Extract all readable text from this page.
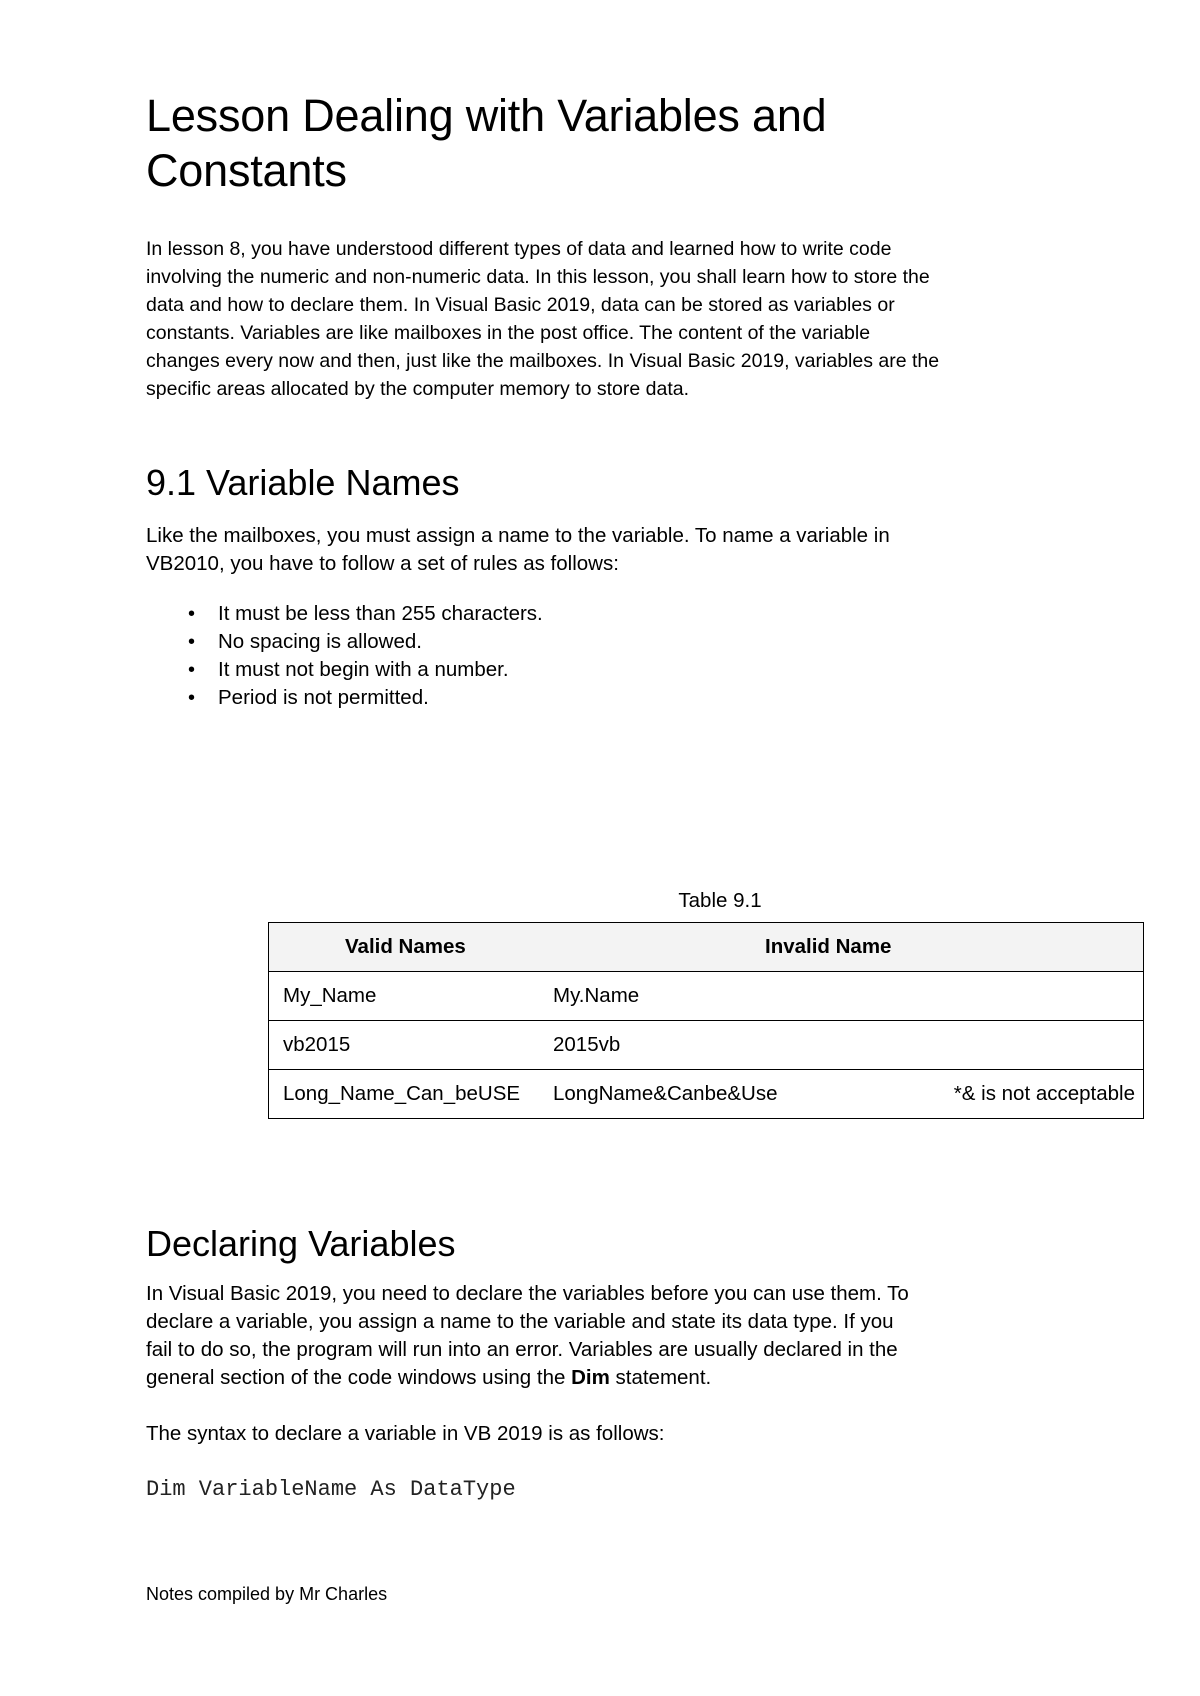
Lesson Dealing with Variables and
Constants

In lesson 8, you have understood different types of data and learned how to write code
involving the numeric and non-numeric data. In this lesson, you shall learn how to store the
data and how to declare them. In Visual Basic 2019, data can be stored as variables or
constants. Variables are like mailboxes in the post office. The content of the variable
changes every now and then, just like the mailboxes. In Visual Basic 2019, variables are the
specific areas allocated by the computer memory to store data.

9.1 Variable Names

Like the mailboxes, you must assign a name to the variable. To name a variable in
VB2010, you have to follow a set of rules as follows:

• It must be less than 255 characters.
• No spacing is allowed.
• It must not begin with a number.
• Period is not permitted.
Table 9.1
Valid Names	Invalid Name	
My_Name	My.Name	
vb2015	2015vb	
Long_Name_Can_beUSE	LongName&Canbe&Use	*& is not acceptable
Declaring Variables

In Visual Basic 2019, you need to declare the variables before you can use them. To
declare a variable, you assign a name to the variable and state its data type. If you
fail to do so, the program will run into an error. Variables are usually declared in the
general section of the code windows using the Dim statement.

The syntax to declare a variable in VB 2019 is as follows:

Dim VariableName As DataType
Notes compiled by Mr Charles
